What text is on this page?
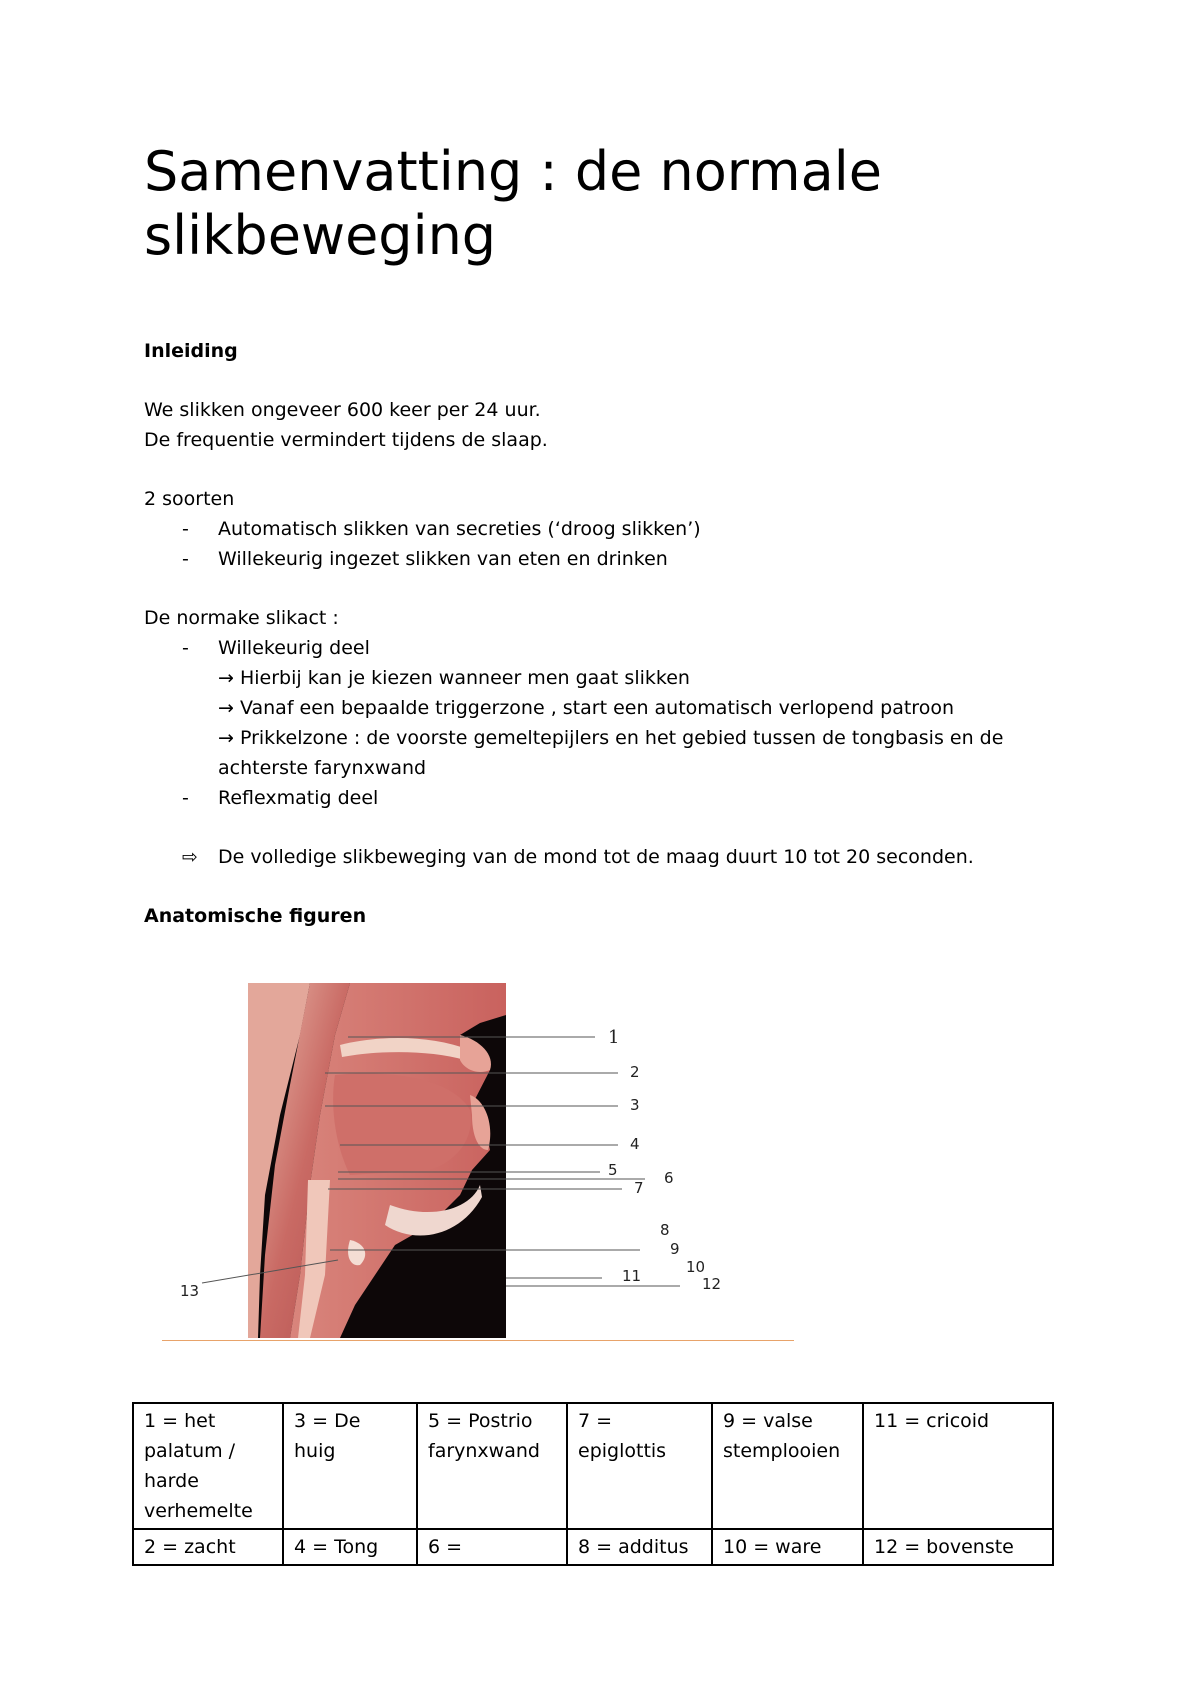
Samenvatting : de normale slikbeweging
Inleiding
We slikken ongeveer 600 keer per 24 uur.
De frequentie vermindert tijdens de slaap.
2 soorten
- Automatisch slikken van secreties (‘droog slikken’)
- Willekeurig ingezet slikken van eten en drinken
De normake slikact :
- Willekeurig deel
→ Hierbij kan je kiezen wanneer men gaat slikken
→ Vanaf een bepaalde triggerzone , start een automatisch verlopend patroon
→ Prikkelzone : de voorste gemeltepijlers en het gebied tussen de tongbasis en de
achterste farynxwand
- Reflexmatig deel
⇨ De volledige slikbeweging van de mond tot de maag duurt 10 tot 20 seconden.
Anatomische figuren
1
2
3
4
5	6
7
8
9
10
11	12
13
1 = het palatum / harde verhemelte	3 = De huig	5 = Postrio farynxwand	7 = epiglottis	9 = valse stemplooien	11 = cricoid
2 = zacht	4 = Tong	6 =	8 = additus	10 = ware	12 = bovenste
